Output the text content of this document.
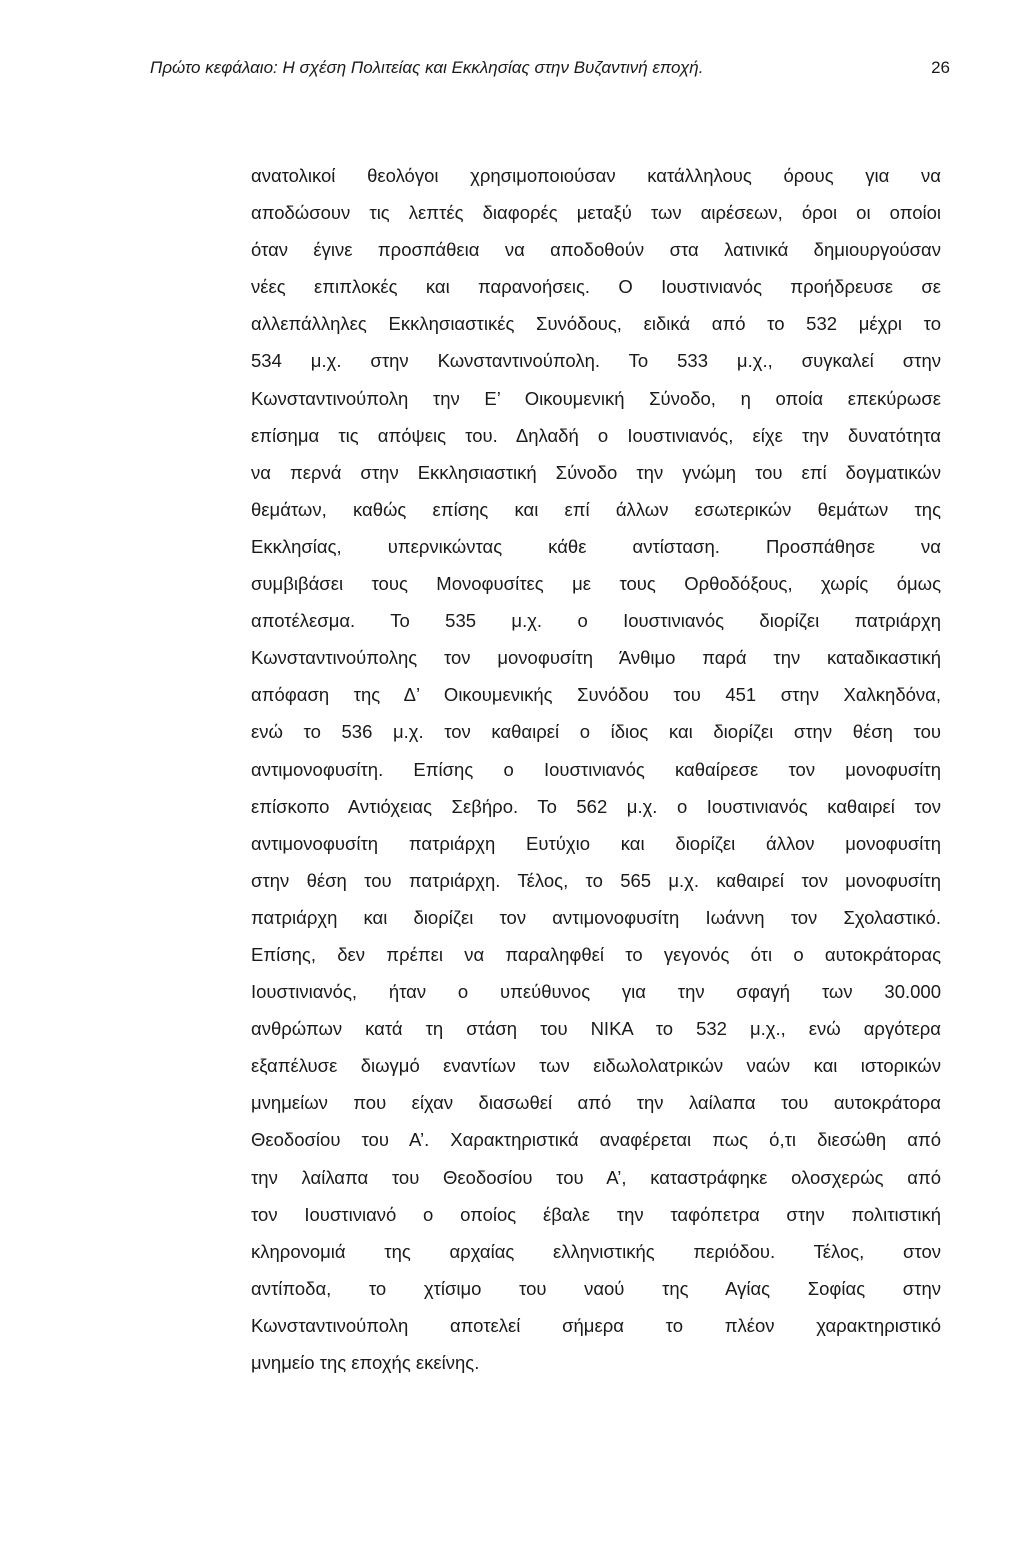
Πρώτο κεφάλαιο: Η σχέση Πολιτείας και Εκκλησίας στην Βυζαντινή εποχή.	26
ανατολικοί θεολόγοι χρησιμοποιούσαν κατάλληλους όρους για να
αποδώσουν τις λεπτές διαφορές μεταξύ των αιρέσεων, όροι οι οποίοι
όταν έγινε προσπάθεια να αποδοθούν στα λατινικά δημιουργούσαν
νέες επιπλοκές και παρανοήσεις. Ο Ιουστινιανός προήδρευσε σε
αλλεπάλληλες Εκκλησιαστικές Συνόδους, ειδικά από το 532 μέχρι το
534 μ.χ. στην Κωνσταντινούπολη. Το 533 μ.χ., συγκαλεί στην
Κωνσταντινούπολη την Ε’ Οικουμενική Σύνοδο, η οποία επεκύρωσε
επίσημα τις απόψεις του. Δηλαδή ο Ιουστινιανός, είχε την δυνατότητα
να περνά στην Εκκλησιαστική Σύνοδο την γνώμη του επί δογματικών
θεμάτων, καθώς επίσης και επί άλλων εσωτερικών θεμάτων της
Εκκλησίας, υπερνικώντας κάθε αντίσταση. Προσπάθησε να
συμβιβάσει τους Μονοφυσίτες με τους Ορθοδόξους, χωρίς όμως
αποτέλεσμα. Το 535 μ.χ. ο Ιουστινιανός διορίζει πατριάρχη
Κωνσταντινούπολης τον μονοφυσίτη Άνθιμο παρά την καταδικαστική
απόφαση της Δ’ Οικουμενικής Συνόδου του 451 στην Χαλκηδόνα,
ενώ το 536 μ.χ. τον καθαιρεί ο ίδιος και διορίζει στην θέση του
αντιμονοφυσίτη. Επίσης ο Ιουστινιανός καθαίρεσε τον μονοφυσίτη
επίσκοπο Αντιόχειας Σεβήρο. Το 562 μ.χ. ο Ιουστινιανός καθαιρεί τον
αντιμονοφυσίτη πατριάρχη Ευτύχιο και διορίζει άλλον μονοφυσίτη
στην θέση του πατριάρχη. Τέλος, το 565 μ.χ. καθαιρεί τον μονοφυσίτη
πατριάρχη και διορίζει τον αντιμονοφυσίτη Ιωάννη τον Σχολαστικό.
Επίσης, δεν πρέπει να παραληφθεί το γεγονός ότι ο αυτοκράτορας
Ιουστινιανός, ήταν ο υπεύθυνος για την σφαγή των 30.000
ανθρώπων κατά τη στάση του ΝΙΚΑ το 532 μ.χ., ενώ αργότερα
εξαπέλυσε διωγμό εναντίων των ειδωλολατρικών ναών και ιστορικών
μνημείων που είχαν διασωθεί από την λαίλαπα του αυτοκράτορα
Θεοδοσίου του Α’. Χαρακτηριστικά αναφέρεται πως ό,τι διεσώθη από
την λαίλαπα του Θεοδοσίου του Α’, καταστράφηκε ολοσχερώς από
τον Ιουστινιανό ο οποίος έβαλε την ταφόπετρα στην πολιτιστική
κληρονομιά της αρχαίας ελληνιστικής περιόδου. Τέλος, στον
αντίποδα, το χτίσιμο του ναού της Αγίας Σοφίας στην
Κωνσταντινούπολη αποτελεί σήμερα το πλέον χαρακτηριστικό
μνημείο της εποχής εκείνης.
